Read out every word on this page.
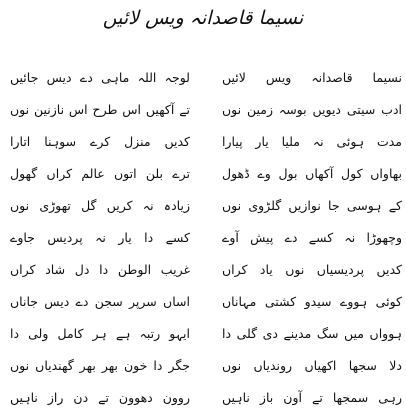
نسیما قاصدانہ ویس لائیں
نسیما قاصدانہ ویس لائیں
ادب سیتی دیویں بوسہ زمین نوں
مدت ہوئی نہ ملیا یار پیارا
بھاواں کول آکھاں بول وے ڈھول
کے ہوسی جا نوازیں گلڑوی نوں
وچھوڑا نہ کسے دے پیش آوے
کدیں پردیسیاں نوں یاد کراں
کوئی ہووے سیدو کشتی مہاناں
ہوواں میں سگ مدینے دی گلی دا
دلا سجھا اکھیاں روندیاں نوں
رہی سمجھا تے آون باز ناہیں
لوجہ اللہ ماہی دے دیس جائیں
تے آکھیں اس طرح اس نازنین نوں
کدیں منزل کرے سوہنا اتارا
ترے بلن اتوں عالم کراں گھول
زیادہ نہ کریں گل تھوڑی نوں
کسے دا یار نہ پردیس جاوے
غریب الوطن دا دل شاد کراں
اساں سرپر سجن دے دیس جاناں
ایہو رتبہ ہے ہر کامل ولی دا
جگر دا خون بھر بھر گھندیاں نوں
روون دھوون تے دن راز ناہیں
